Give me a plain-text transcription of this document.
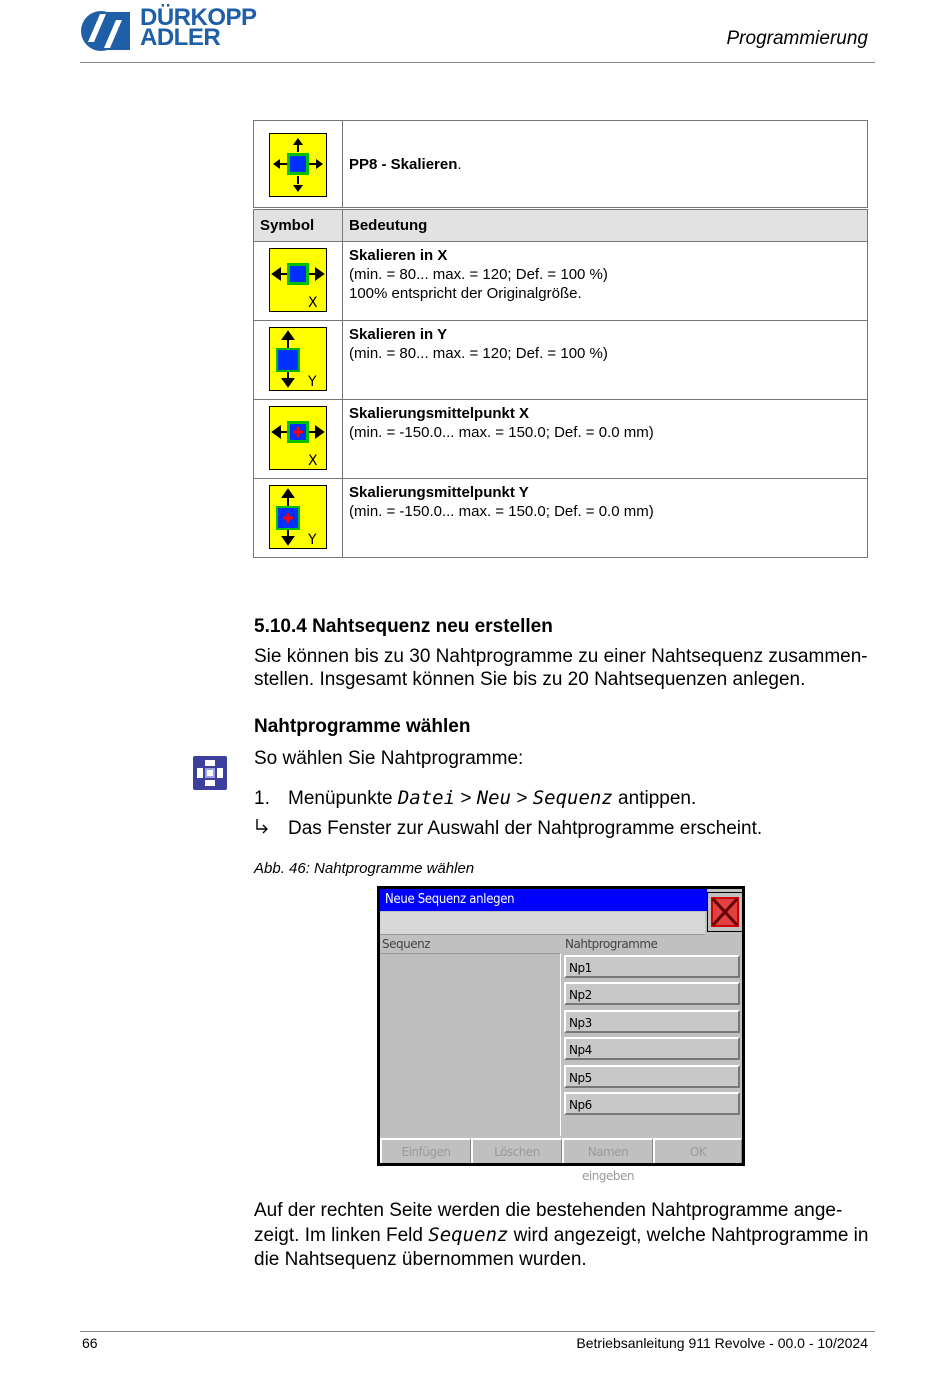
DÜRKOPP
ADLER	Programmierung
	PP8 - Skalieren.
Symbol	Bedeutung

X	Skalieren in X
(min. = 80... max. = 120; Def. = 100 %)
100% entspricht der Originalgröße.

Y	Skalieren in Y
(min. = 80... max. = 120; Def. = 100 %)

X	Skalierungsmittelpunkt X
(min. = -150.0... max. = 150.0; Def. = 0.0 mm)

Y	Skalierungsmittelpunkt Y
(min. = -150.0... max. = 150.0; Def. = 0.0 mm)
5.10.4 Nahtsequenz neu erstellen
Sie können bis zu 30 Nahtprogramme zu einer Nahtsequenz zusammen- stellen. Insgesamt können Sie bis zu 20 Nahtsequenzen anlegen.
Nahtprogramme wählen
So wählen Sie Nahtprogramme:
1. Menüpunkte Datei > Neu > Sequenz antippen.
Das Fenster zur Auswahl der Nahtprogramme erscheint.
Abb. 46: Nahtprogramme wählen
Neue Sequenz anlegen
Sequenz	Nahtprogramme
Np1
Np2
Np3
Np4
Np5
Np6
Einfügen	Löschen	Namen eingeben
OK
Auf der rechten Seite werden die bestehenden Nahtprogramme ange- zeigt. Im linken Feld Sequenz wird angezeigt, welche Nahtprogramme in die Nahtsequenz übernommen wurden.
66	Betriebsanleitung 911 Revolve - 00.0 - 10/2024
